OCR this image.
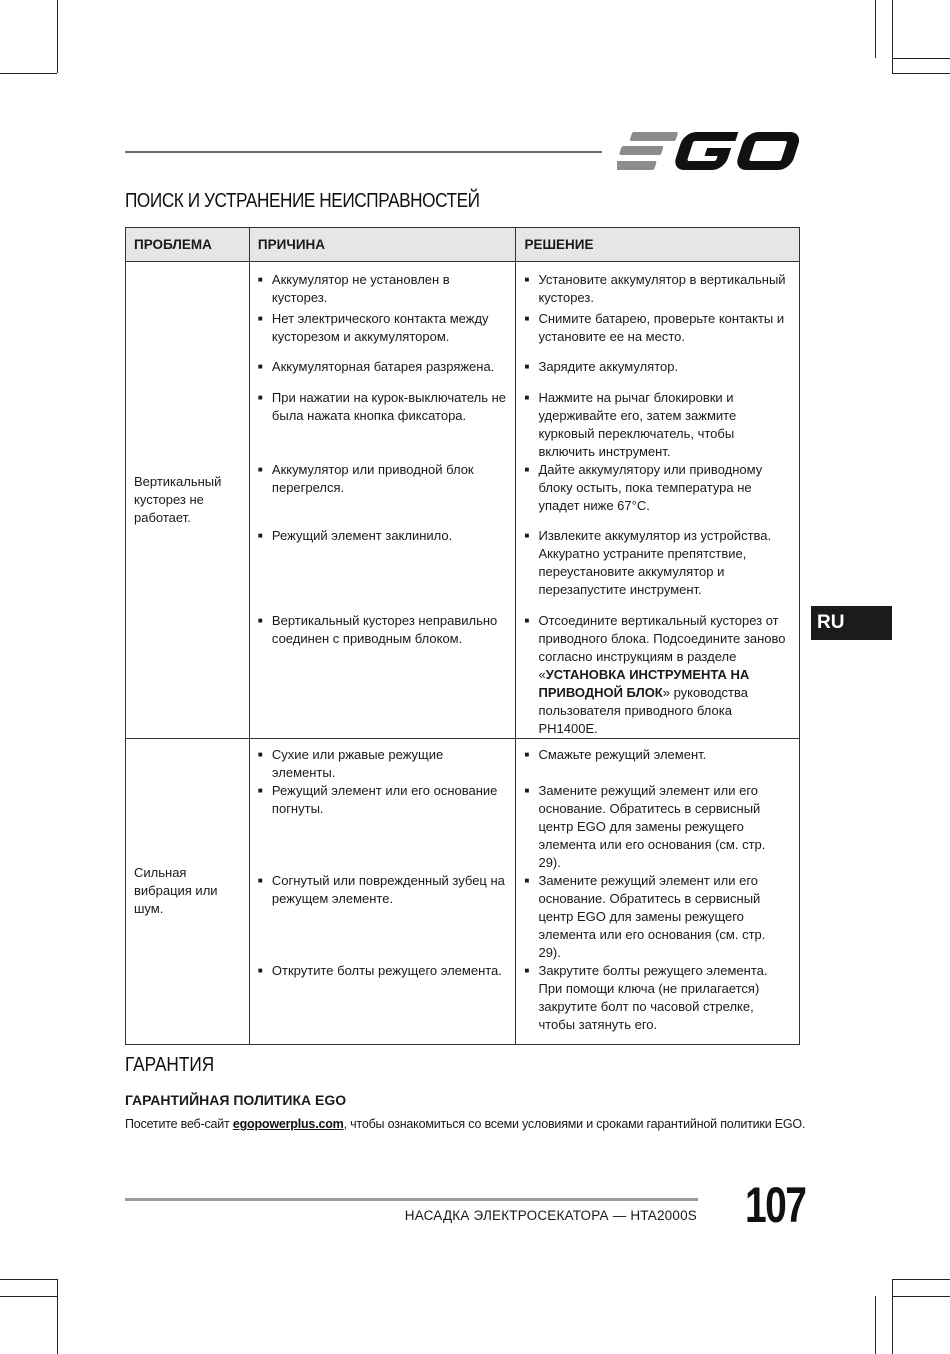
ПОИСК И УСТРАНЕНИЕ НЕИСПРАВНОСТЕЙ
ПРОБЛЕМА	ПРИЧИНА	РЕШЕНИЕ
Вертикальный кусторез не работает.	■ Аккумулятор не установлен в кусторез.	■ Установите аккумулятор в вертикальный кусторез.

	■ Нет электрического контакта между кусторезом и аккумулятором.	■ Снимите батарею, проверьте контакты и установите ее на место.

	■ Аккумуляторная батарея разряжена.	■ Зарядите аккумулятор.

	■ При нажатии на курок-выключатель не была нажата кнопка фиксатора.	■ Нажмите на рычаг блокировки и удерживайте его, затем зажмите курковый переключатель, чтобы включить инструмент.

	■ Аккумулятор или приводной блок перегрелся.	■ Дайте аккумулятору или приводному блоку остыть, пока температура не упадет ниже 67°C.

	■ Режущий элемент заклинило.	■ Извлеките аккумулятор из устройства. Аккуратно устраните препятствие, переустановите аккумулятор и перезапустите инструмент.

	■ Вертикальный кусторез неправильно соединен с приводным блоком.	■ Отсоедините вертикальный кусторез от приводного блока. Подсоедините заново согласно инструкциям в разделе «УСТАНОВКА ИНСТРУМЕНТА НА ПРИВОДНОЙ БЛОК» руководства пользователя приводного блока PH1400E.

Сильная вибрация или шум.	■ Сухие или ржавые режущие элементы.	■ Смажьте режущий элемент.

	■ Режущий элемент или его основание погнуты.	■ Замените режущий элемент или его основание. Обратитесь в сервисный центр EGO для замены режущего элемента или его основания (см. стр. 29).

	■ Согнутый или поврежденный зубец на режущем элементе.	■ Замените режущий элемент или его основание. Обратитесь в сервисный центр EGO для замены режущего элемента или его основания (см. стр. 29).

	■ Открутите болты режущего элемента.	■ Закрутите болты режущего элемента. При помощи ключа (не прилагается) закрутите болт по часовой стрелке, чтобы затянуть его.
RU
ГАРАНТИЯ
ГАРАНТИЙНАЯ ПОЛИТИКА EGO

Посетите веб-сайт egopowerplus.com, чтобы ознакомиться со всеми условиями и сроками гарантийной политики EGO.

НАСАДКА ЭЛЕКТРОСЕКАТОРА — HTA2000S 107
